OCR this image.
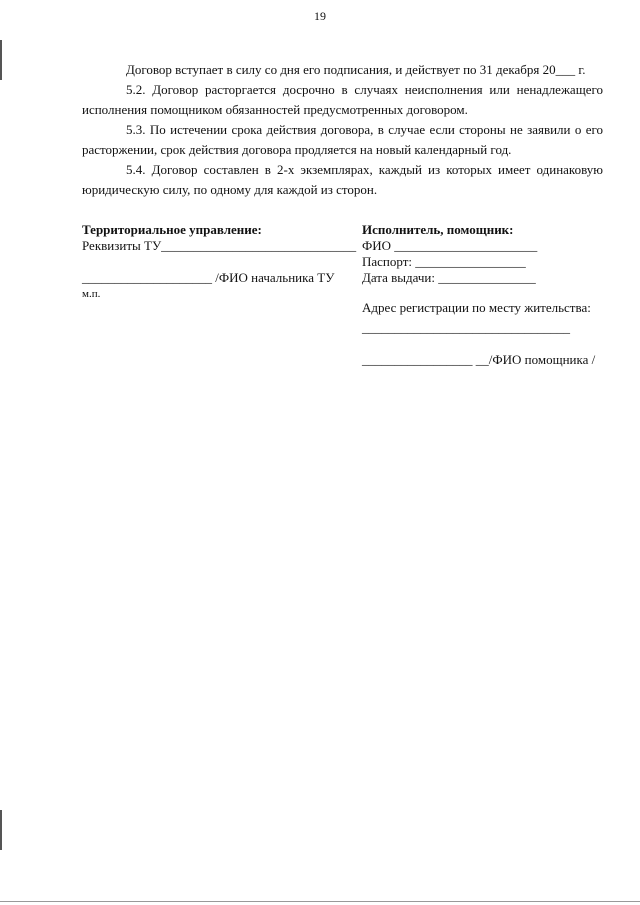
19

Договор вступает в силу со дня его подписания, и действует по 31 декабря 20___ г.

5.2. Договор расторгается досрочно в случаях неисполнения или ненадлежащего исполнения помощником обязанностей предусмотренных договором.

5.3. По истечении срока действия договора, в случае если стороны не заявили о его расторжении, срок действия договора продляется на новый календарный год.

5.4. Договор составлен в 2-х экземплярах, каждый из которых имеет одинаковую юридическую силу, по одному для каждой из сторон.

Территориальное управление:
Реквизиты ТУ______________________________
____________________ /ФИО начальника ТУ
м.п.
Исполнитель, помощник:
ФИО ______________________
Паспорт: _________________
Дата выдачи: _______________
Адрес регистрации по месту жительства:
________________________________
_________________ __/ФИО помощника /
